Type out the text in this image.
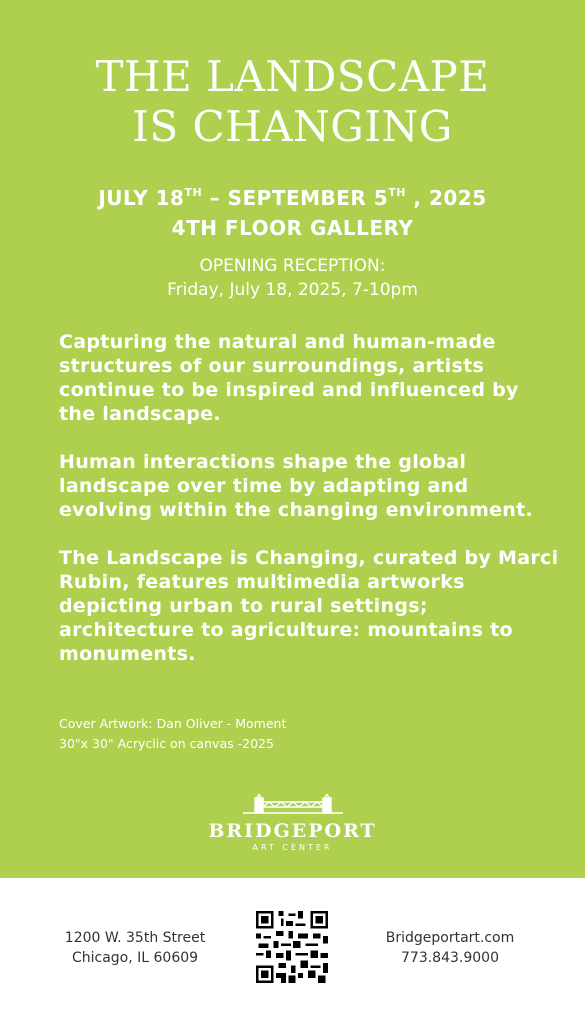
THE LANDSCAPE
IS CHANGING
JULY 18TH – SEPTEMBER 5TH , 2025
4TH FLOOR GALLERY
OPENING RECEPTION:
Friday, July 18, 2025, 7-10pm

Capturing the natural and human-made structures of our surroundings, artists continue to be inspired and influenced by the landscape.

Human interactions shape the global landscape over time by adapting and evolving within the changing environment.

The Landscape is Changing, curated by Marci Rubin, features multimedia artworks depicting urban to rural settings; architecture to agriculture: mountains to monuments.

Cover Artwork: Dan Oliver - Moment
30"x 30" Acryclic on canvas -2025
BRIDGEPORT
ART CENTER
1200 W. 35th Street
Chicago, IL 60609
Bridgeportart.com
773.843.9000
